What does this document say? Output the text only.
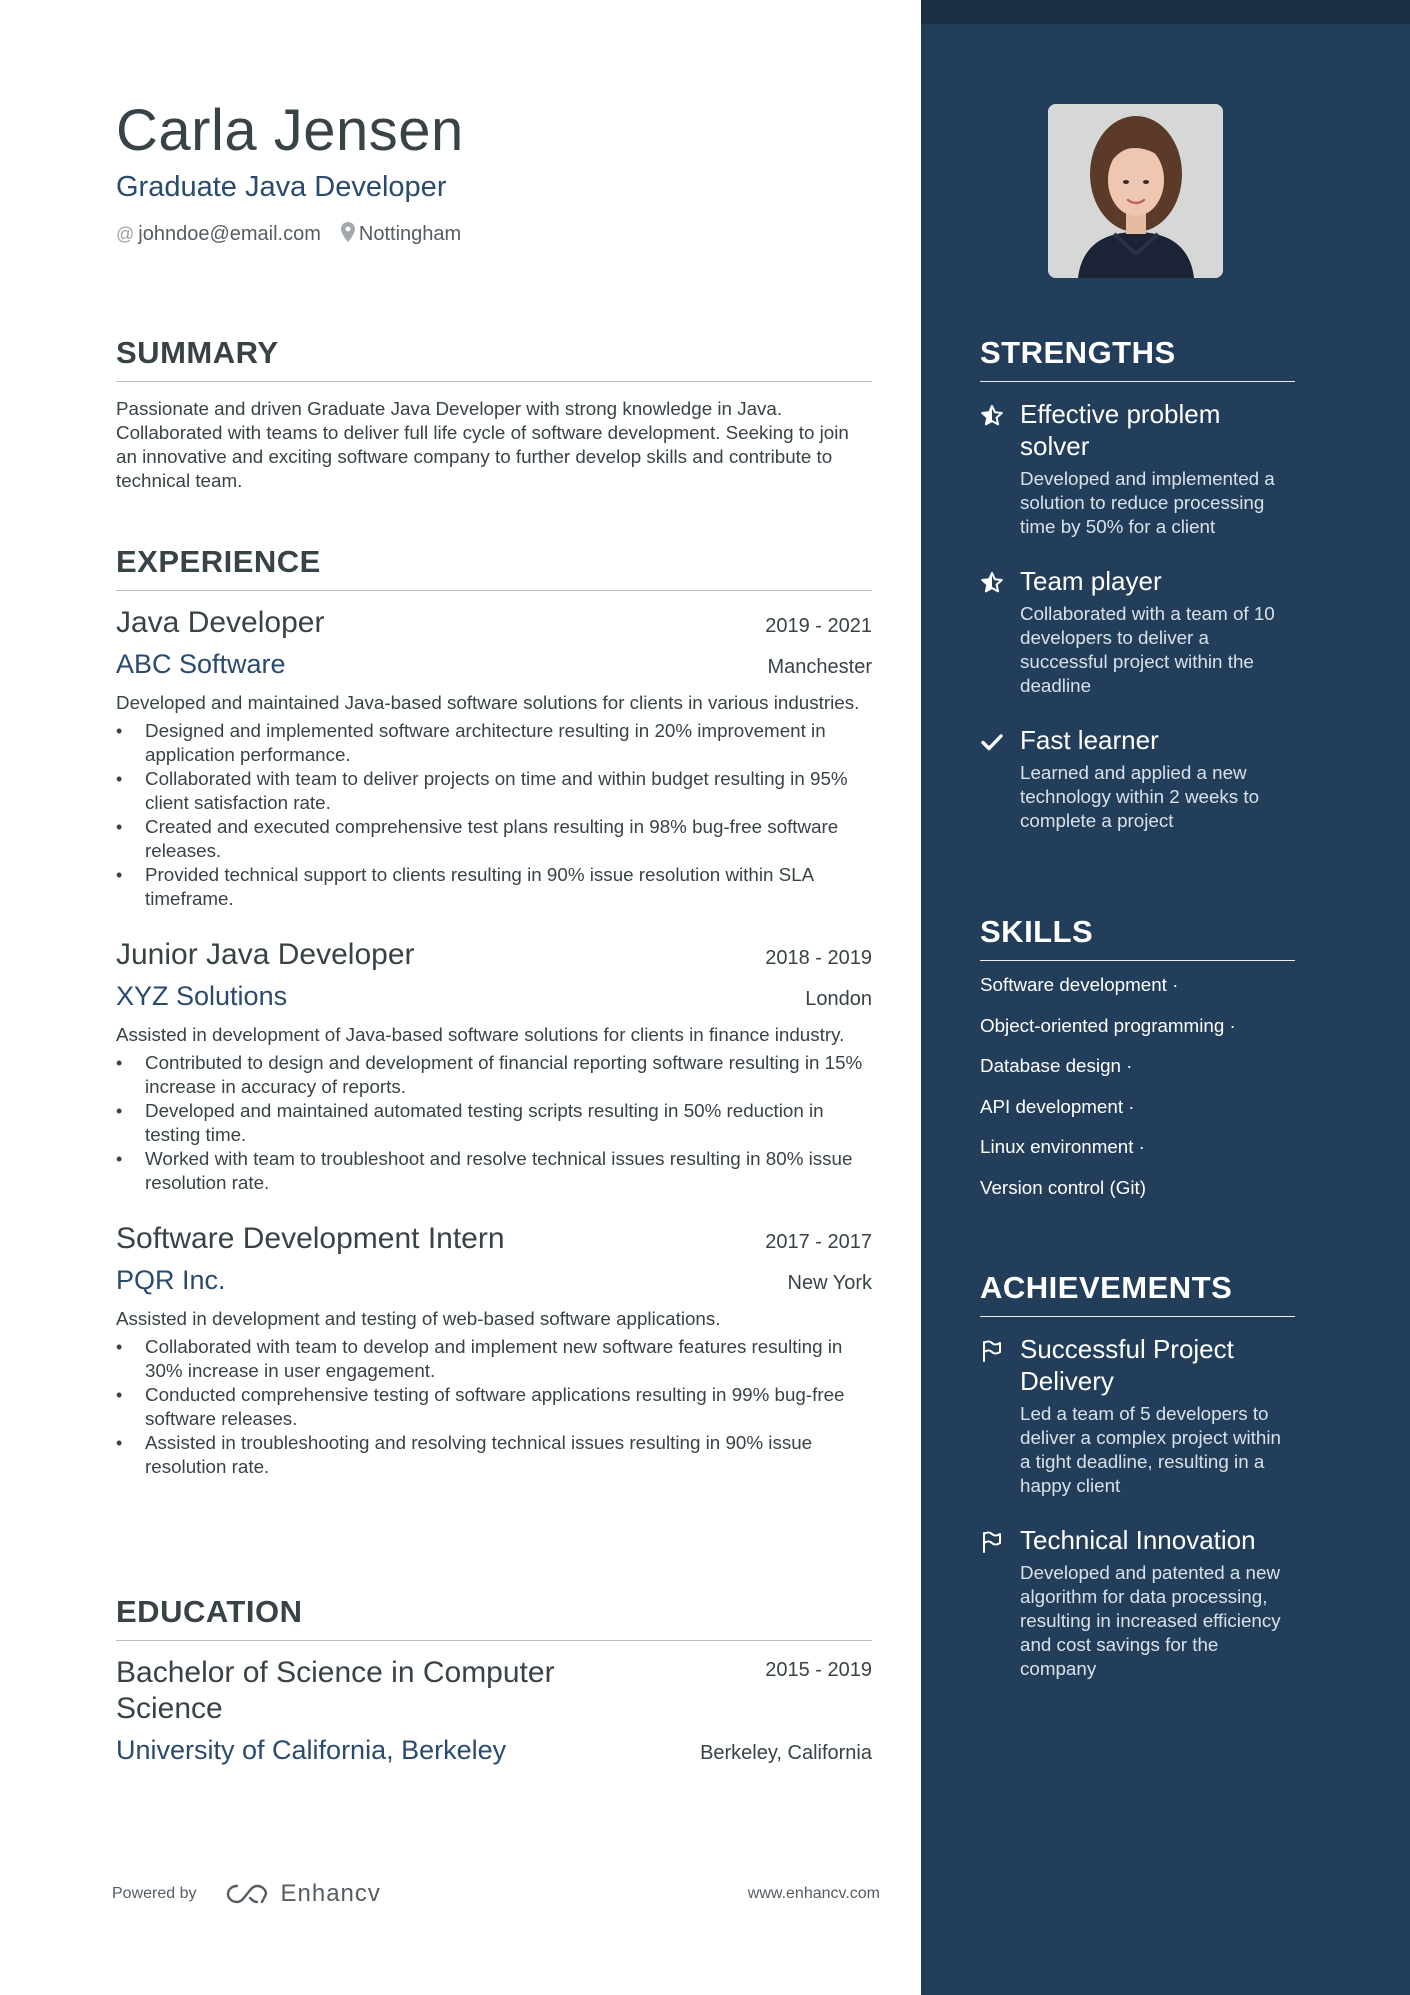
Carla Jensen
Graduate Java Developer
@ johndoe@email.com Nottingham
SUMMARY

Passionate and driven Graduate Java Developer with strong knowledge in Java. Collaborated with teams to deliver full life cycle of software development. Seeking to join an innovative and exciting software company to further develop skills and contribute to technical team.

EXPERIENCE
Java Developer	2019 - 2021
ABC Software	Manchester
Developed and maintained Java-based software solutions for clients in various industries.
• Designed and implemented software architecture resulting in 20% improvement in application performance.
• Collaborated with team to deliver projects on time and within budget resulting in 95% client satisfaction rate.
• Created and executed comprehensive test plans resulting in 98% bug-free software releases.
• Provided technical support to clients resulting in 90% issue resolution within SLA timeframe.
Junior Java Developer	2018 - 2019
XYZ Solutions	London
Assisted in development of Java-based software solutions for clients in finance industry.
• Contributed to design and development of financial reporting software resulting in 15% increase in accuracy of reports.
• Developed and maintained automated testing scripts resulting in 50% reduction in testing time.
• Worked with team to troubleshoot and resolve technical issues resulting in 80% issue resolution rate.
Software Development Intern	2017 - 2017
PQR Inc.	New York
Assisted in development and testing of web-based software applications.
• Collaborated with team to develop and implement new software features resulting in 30% increase in user engagement.
• Conducted comprehensive testing of software applications resulting in 99% bug-free software releases.
• Assisted in troubleshooting and resolving technical issues resulting in 90% issue resolution rate.
EDUCATION
Bachelor of Science in Computer Science
2015 - 2019
University of California, Berkeley	Berkeley, California
Powered by	Enhancv	www.enhancv.com
STRENGTHS
Effective problem solver
Developed and implemented a solution to reduce processing time by 50% for a client
Team player
Collaborated with a team of 10 developers to deliver a successful project within the deadline
Fast learner
Learned and applied a new technology within 2 weeks to complete a project
SKILLS
Software development ·
Object-oriented programming ·
Database design ·
API development ·
Linux environment ·
Version control (Git)
ACHIEVEMENTS
Successful Project Delivery
Led a team of 5 developers to deliver a complex project within a tight deadline, resulting in a happy client
Technical Innovation
Developed and patented a new algorithm for data processing, resulting in increased efficiency and cost savings for the company
